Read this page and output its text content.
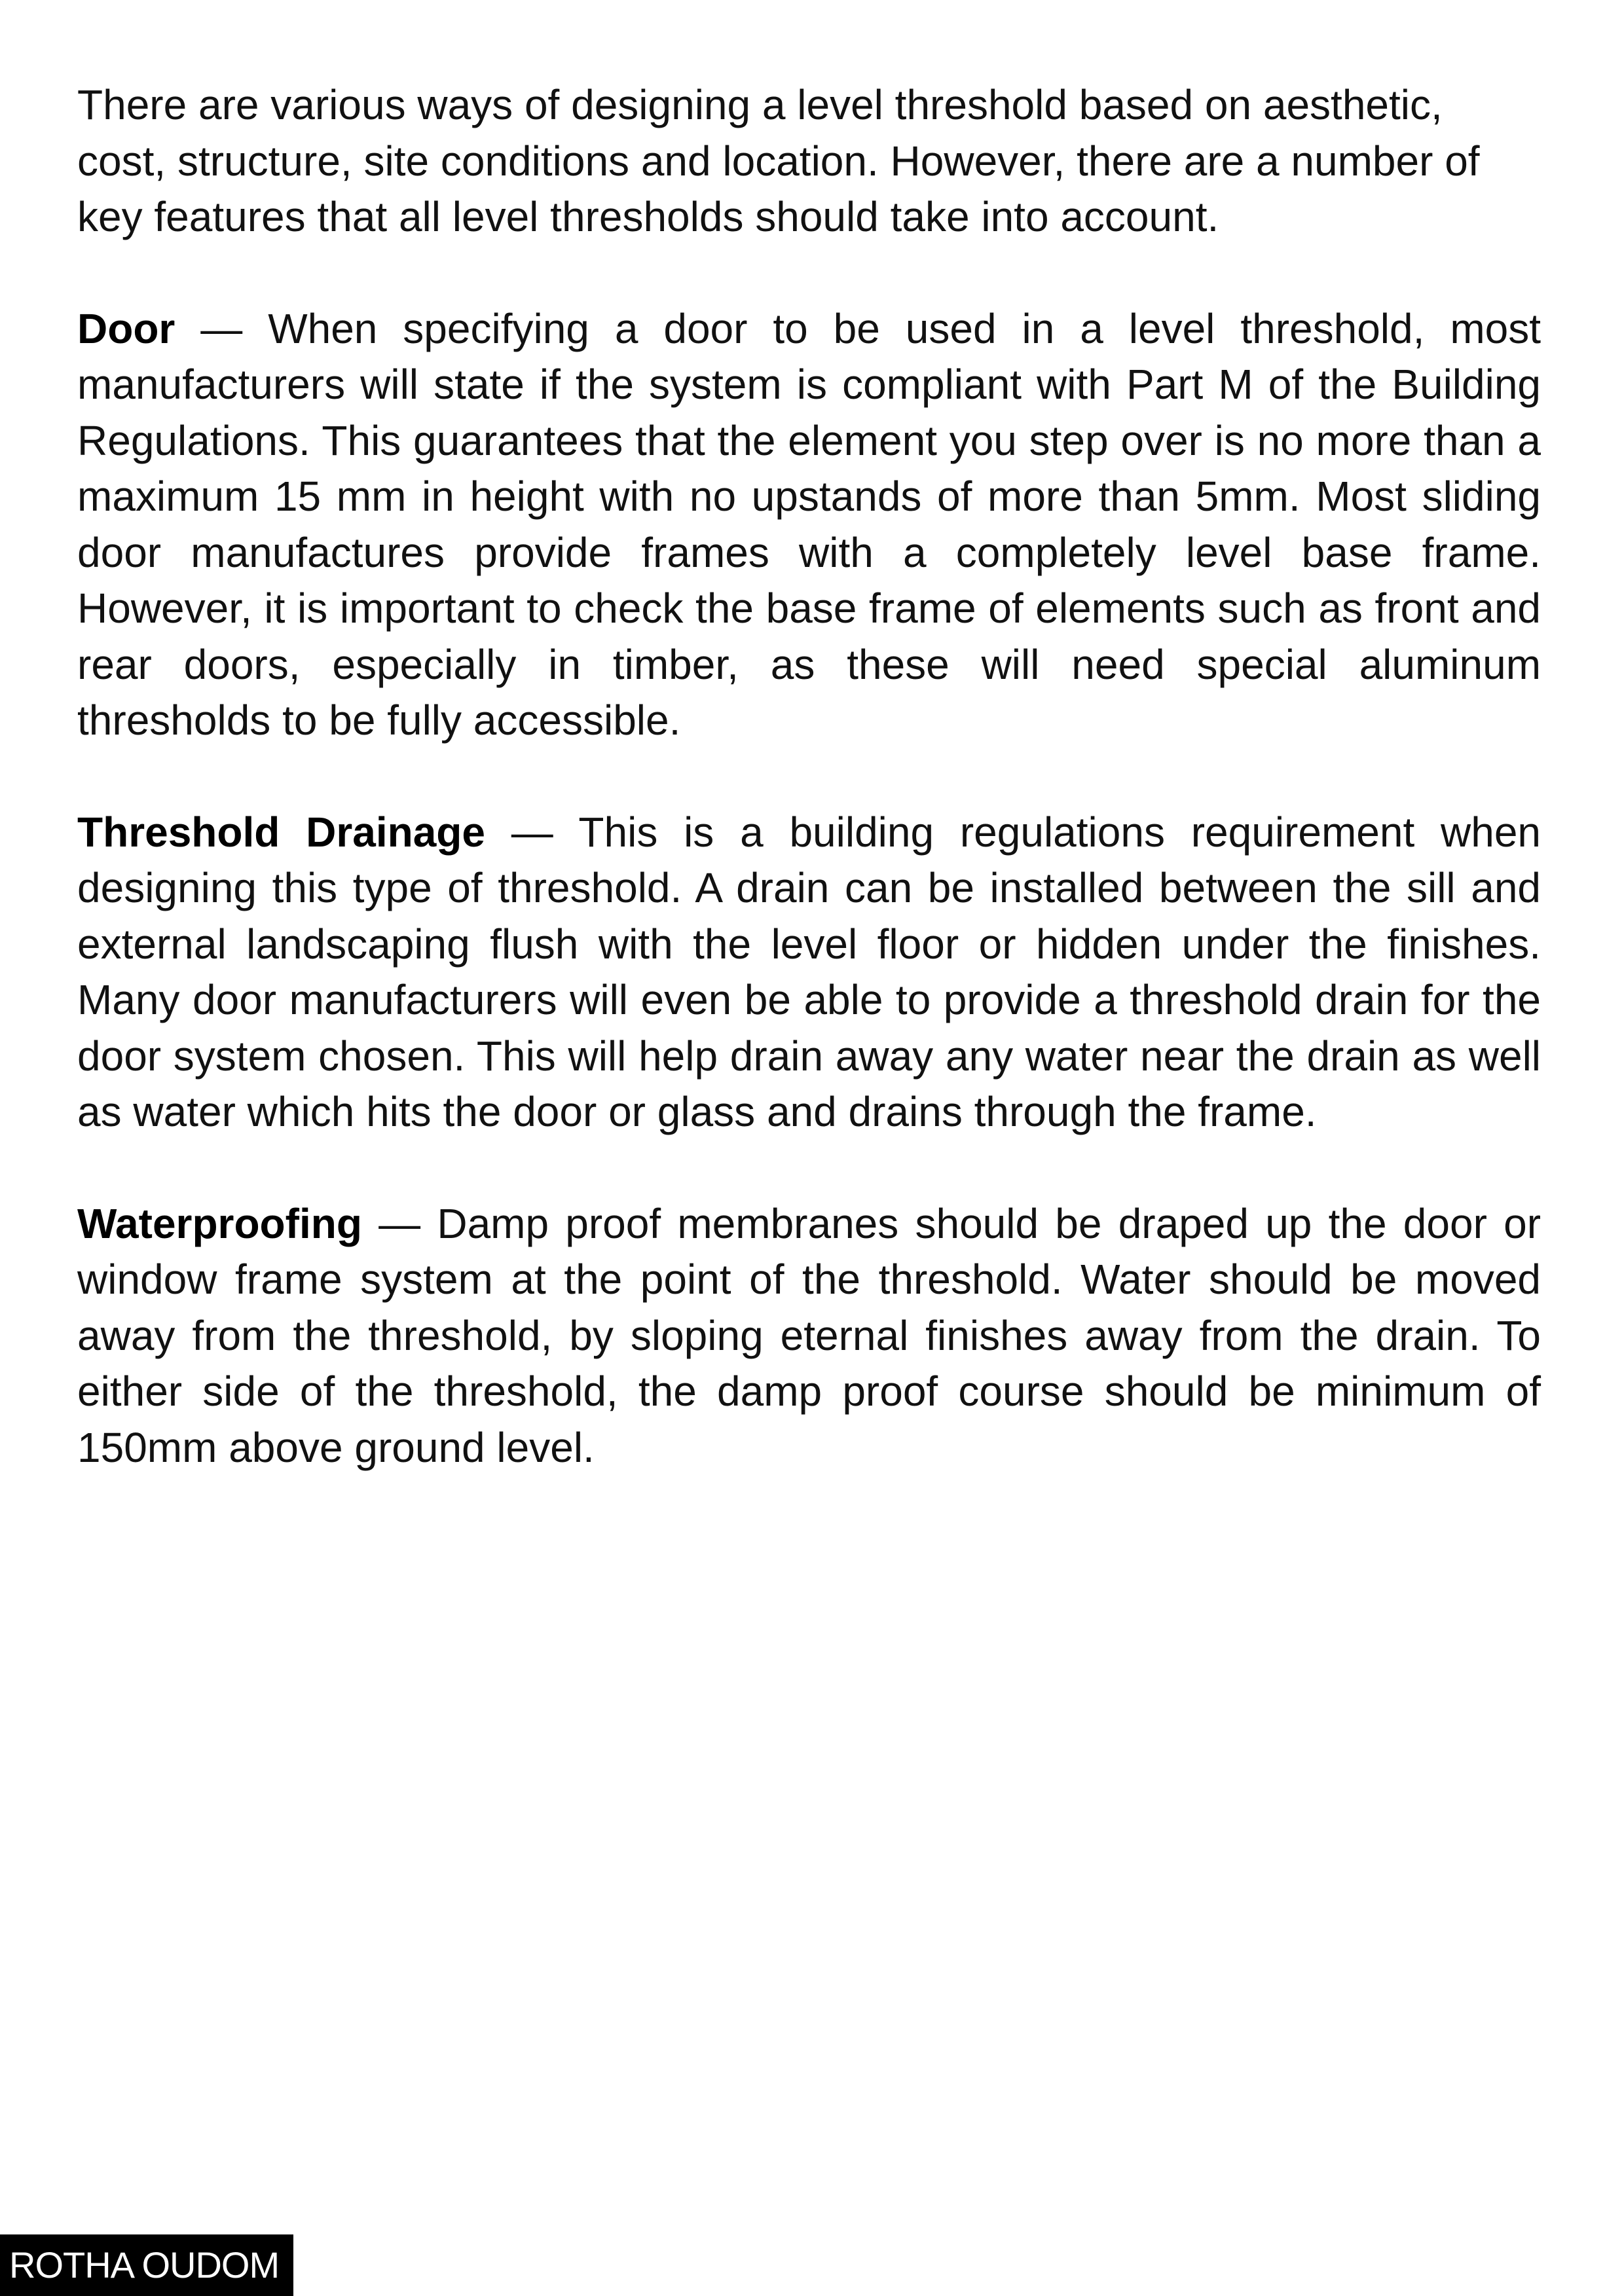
There are various ways of designing a level threshold based on aesthetic, cost, structure, site conditions and location. However, there are a number of key features that all level thresholds should take into account.

Door — When specifying a door to be used in a level threshold, most manufacturers will state if the system is compliant with Part M of the Building Regulations. This guarantees that the element you step over is no more than a maximum 15 mm in height with no upstands of more than 5mm. Most sliding door manufactures provide frames with a completely level base frame. However, it is important to check the base frame of elements such as front and rear doors, especially in timber, as these will need special aluminum thresholds to be fully accessible.

Threshold Drainage — This is a building regulations requirement when designing this type of threshold. A drain can be installed between the sill and external landscaping flush with the level floor or hidden under the finishes. Many door manufacturers will even be able to provide a threshold drain for the door system chosen. This will help drain away any water near the drain as well as water which hits the door or glass and drains through the frame.

Waterproofing — Damp proof membranes should be draped up the door or window frame system at the point of the threshold. Water should be moved away from the threshold, by sloping eternal finishes away from the drain. To either side of the threshold, the damp proof course should be minimum of 150mm above ground level.

ROTHA OUDOM
